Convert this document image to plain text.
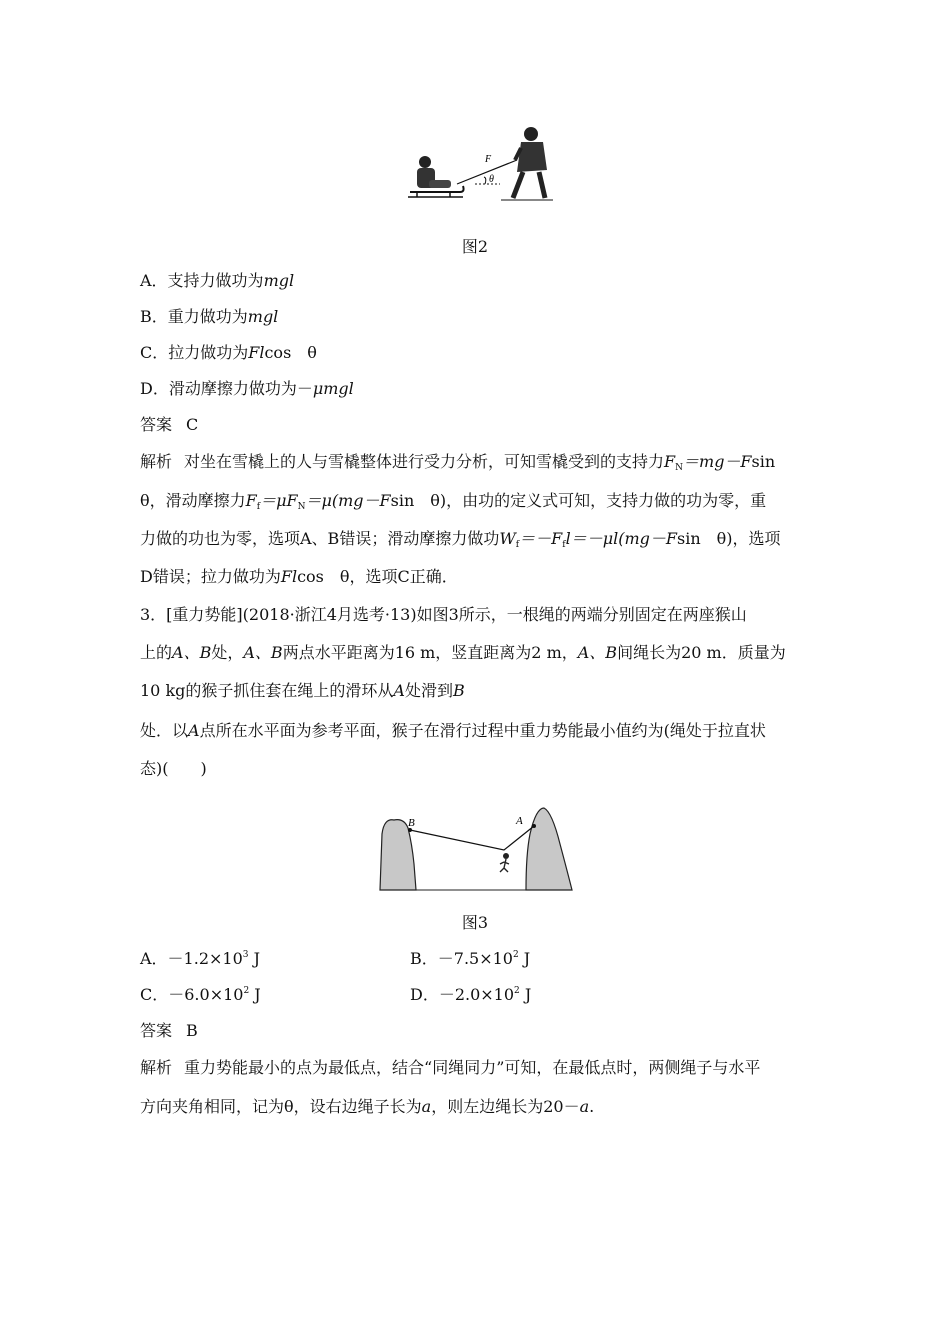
θ
F
图2
A．支持力做功为mgl
B．重力做功为mgl
C．拉力做功为Flcos　θ
D．滑动摩擦力做功为－μmgl
答案 C
解析 对坐在雪橇上的人与雪橇整体进行受力分析，可知雪橇受到的支持力$F_N=mg-Fsin$
θ，滑动摩擦力$F_f=\mu F_N=\mu(mg-Fsin$　θ)，由功的定义式可知，支持力做的功为零，重
力做的功也为零，选项A、B错误；滑动摩擦力做功$W_f=-F_fl=-\mu l(mg-Fsin$　θ)，选项
D错误；拉力做功为Flcos　θ，选项C正确．
3．[重力势能](2018·浙江4月选考·13)如图3所示，一根绳的两端分别固定在两座猴山
上的A、B处，A、B两点水平距离为16 m，竖直距离为2 m，A、B间绳长为20 m．质量为
10 kg的猴子抓住套在绳上的滑环从A处滑到B
处．以A点所在水平面为参考平面，猴子在滑行过程中重力势能最小值约为(绳处于拉直状
态)(　　)
B	A
图3
A．$-1.2\times 10^3$ J	B．$-7.5\times 10^2$ J
C．$-6.0\times 10^2$ J	D．$-2.0\times 10^2$ J
答案 B
解析 重力势能最小的点为最低点，结合“同绳同力”可知，在最低点时，两侧绳子与水平
方向夹角相同，记为θ，设右边绳子长为a，则左边绳长为20－a.
